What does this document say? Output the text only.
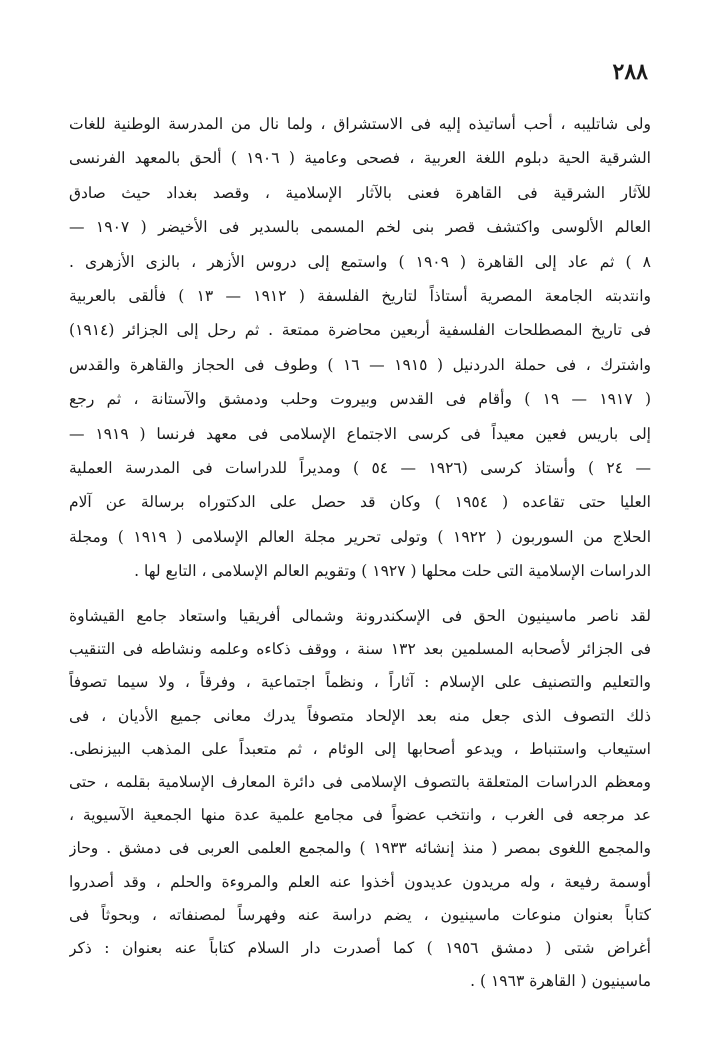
٢٨٨
ولى شاتليبه ، أحب أساتيذه إليه فى الاستشراق ، ولما نال من المدرسة الوطنية للغات
الشرقية الحية دبلوم اللغة العربية ، فصحى وعامية ( ١٩٠٦ ) ألحق بالمعهد الفرنسى
للآثار الشرقية فى القاهرة فعنى بالآثار الإسلامية ، وقصد بغداد حيث صادق
العالم الألوسى واكتشف قصر بنى لخم المسمى بالسدير فى الأخيضر ( ١٩٠٧ —
٨ ) ثم عاد إلى القاهرة ( ١٩٠٩ ) واستمع إلى دروس الأزهر ، بالزى الأزهرى .
وانتدبته الجامعة المصرية أستاذاً لتاريخ الفلسفة ( ١٩١٢ — ١٣ ) فألقى بالعربية
فى تاريخ المصطلحات الفلسفية أربعين محاضرة ممتعة . ثم رحل إلى الجزائر (١٩١٤)
واشترك ، فى حملة الدردنيل ( ١٩١٥ — ١٦ ) وطوف فى الحجاز والقاهرة والقدس
( ١٩١٧ — ١٩ ) وأقام فى القدس وبيروت وحلب ودمشق والآستانة ، ثم رجع
إلى باريس فعين معيداً فى كرسى الاجتماع الإسلامى فى معهد فرنسا ( ١٩١٩ —
— ٢٤ ) وأستاذ كرسى (١٩٢٦ — ٥٤ ) ومديراً للدراسات فى المدرسة العملية
العليا حتى تقاعده ( ١٩٥٤ ) وكان قد حصل على الدكتوراه برسالة عن آلام
الحلاج من السوربون ( ١٩٢٢ ) وتولى تحرير مجلة العالم الإسلامى ( ١٩١٩ ) ومجلة
الدراسات الإسلامية التى حلت محلها ( ١٩٢٧ ) وتقويم العالم الإسلامى ، التابع لها .
لقد ناصر ماسينيون الحق فى الإسكندرونة وشمالى أفريقيا واستعاد جامع القيشاوة
فى الجزائر لأصحابه المسلمين بعد ١٣٢ سنة ، ووقف ذكاءه وعلمه ونشاطه فى التنقيب
والتعليم والتصنيف على الإسلام : آثاراً ، ونظماً اجتماعية ، وفرقاً ، ولا سيما تصوفاً
ذلك التصوف الذى جعل منه بعد الإلحاد متصوفاً يدرك معانى جميع الأديان ، فى
استيعاب واستنباط ، ويدعو أصحابها إلى الوئام ، ثم متعبداً على المذهب البيزنطى.
ومعظم الدراسات المتعلقة بالتصوف الإسلامى فى دائرة المعارف الإسلامية بقلمه ، حتى
عد مرجعه فى الغرب ، وانتخب عضواً فى مجامع علمية عدة منها الجمعية الآسيوية ،
والمجمع اللغوى بمصر ( منذ إنشائه ١٩٣٣ ) والمجمع العلمى العربى فى دمشق . وحاز
أوسمة رفيعة ، وله مريدون عديدون أخذوا عنه العلم والمروءة والحلم ، وقد أصدروا
كتاباً بعنوان منوعات ماسينيون ، يضم دراسة عنه وفهرساً لمصنفاته ، وبحوثاً فى
أغراض شتى ( دمشق ١٩٥٦ ) كما أصدرت دار السلام كتاباً عنه بعنوان : ذكر
ماسينيون ( القاهرة ١٩٦٣ ) .
